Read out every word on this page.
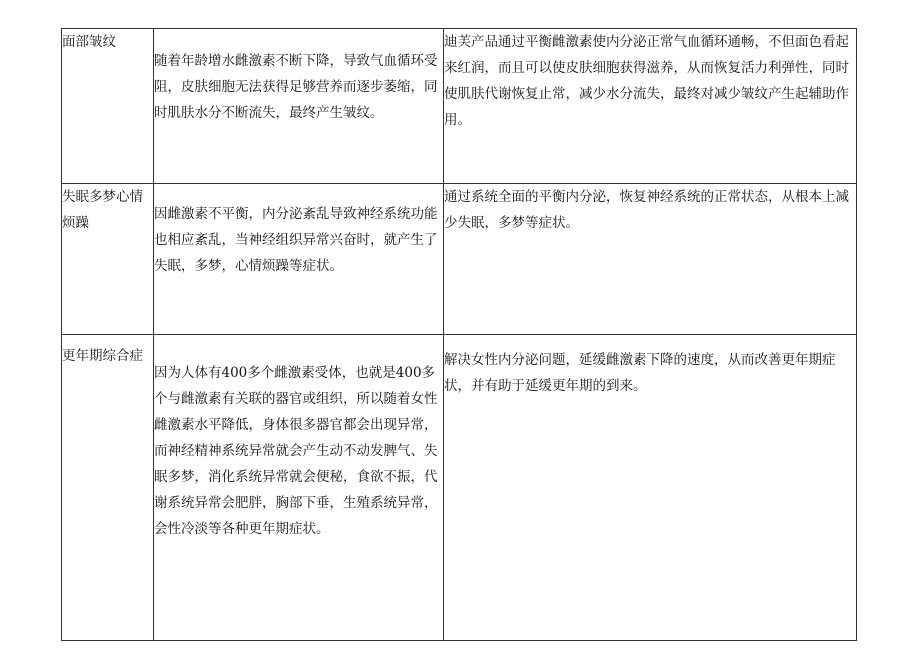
面部皱纹	随着年龄增水雌激素不断下降，导致气血循环受阻，皮肤细胞无法获得足够营养而逐步萎缩，同时肌肤水分不断流失，最终产生皱纹。	迪芙产品通过平衡雌激素使内分泌正常气血循环通畅，不但面色看起来红润，而且可以使皮肤细胞获得滋养，从而恢复活力利弹性，同时使肌肤代谢恢复止常，减少水分流失，最终对减少皱纹产生起辅助作用。
失眠多梦心情烦躁	因雌激素不平衡，内分泌紊乱导致神经系统功能也相应紊乱，当神经组织异常兴奋时，就产生了失眠，多梦，心情烦躁等症状。	通过系统全面的平衡内分泌，恢复神经系统的正常状态，从根本上减少失眠，多梦等症状。
更年期综合症	因为人体有400多个雌激素受体，也就是400多个与雌激素有关联的器官或组织，所以随着女性雌激素水平降低，身体很多器官都会出现异常，而神经精神系统异常就会产生动不动发脾气、失眠多梦，消化系统异常就会便秘，食欲不振，代谢系统异常会肥胖，胸部下垂，生殖系统异常，会性冷淡等各种更年期症状。	解决女性内分泌问题，延缓雌激素下降的速度，从而改善更年期症状，并有助于延缓更年期的到来。
